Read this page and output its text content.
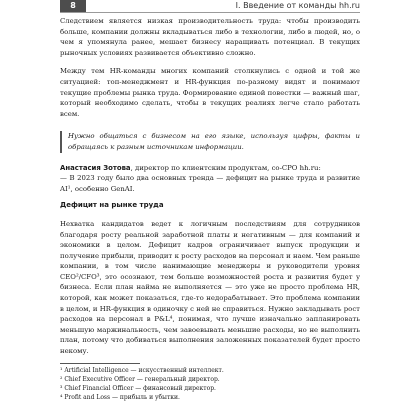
8	I. Введение от команды hh.ru

Следствием является низкая производительность труда: чтобы производить больше, компании должны вкладываться либо в технологии, либо в людей, но, о чем я упомянула ранее, мешает бизнесу наращивать потенциал. В текущих рыночных условиях развивается объективно сложно.

Между тем HR-команды многих компаний столкнулись с одной и той же ситуацией: топ-менеджмент и HR-функция по-разному видят и понимают текущие проблемы рынка труда. Формирование единой повестки — важный шаг, который необходимо сделать, чтобы в текущих реалиях легче стало работать всем.

Нужно общаться с бизнесом на его языке, используя цифры, факты и обращаясь к разным источникам информации.

Анастасия Зотова, директор по клиентским продуктам, co-CPO hh.ru:

— В 2023 году было два основных тренда — дефицит на рынке труда и развитие AI¹, особенно GenAI.

Дефицит на рынке труда

Нехватка кандидатов ведет к логичным последствиям для сотрудников благодаря росту реальной заработной платы и негативным — для компаний и экономики в целом. Дефицит кадров ограничивает выпуск продукции и получение прибыли, приводит к росту расходов на персонал и наем. Чем раньше компании, в том числе нанимающие менеджеры и руководители уровня CEO²/CFO³, это осознают, тем больше возможностей роста и развития будет у бизнеса. Если план найма не выполняется — это уже не просто проблема HR, которой, как может показаться, где-то недорабатывает. Это проблема компании в целом, и HR-функция в одиночку с ней не справиться. Нужно закладывать рост расходов на персонал в P&L⁴, понимая, что лучше изначально запланировать меньшую маржинальность, чем завоевывать меньшие расходы, но не выполнить план, потому что добиваться выполнения заложенных показателей будет просто некому.

¹ Artificial Intelligence — искусственный интеллект.

² Chief Executive Officer — генеральный директор.

³ Chief Financial Officer — финансовый директор.

⁴ Profit and Loss — прибыль и убытки.
